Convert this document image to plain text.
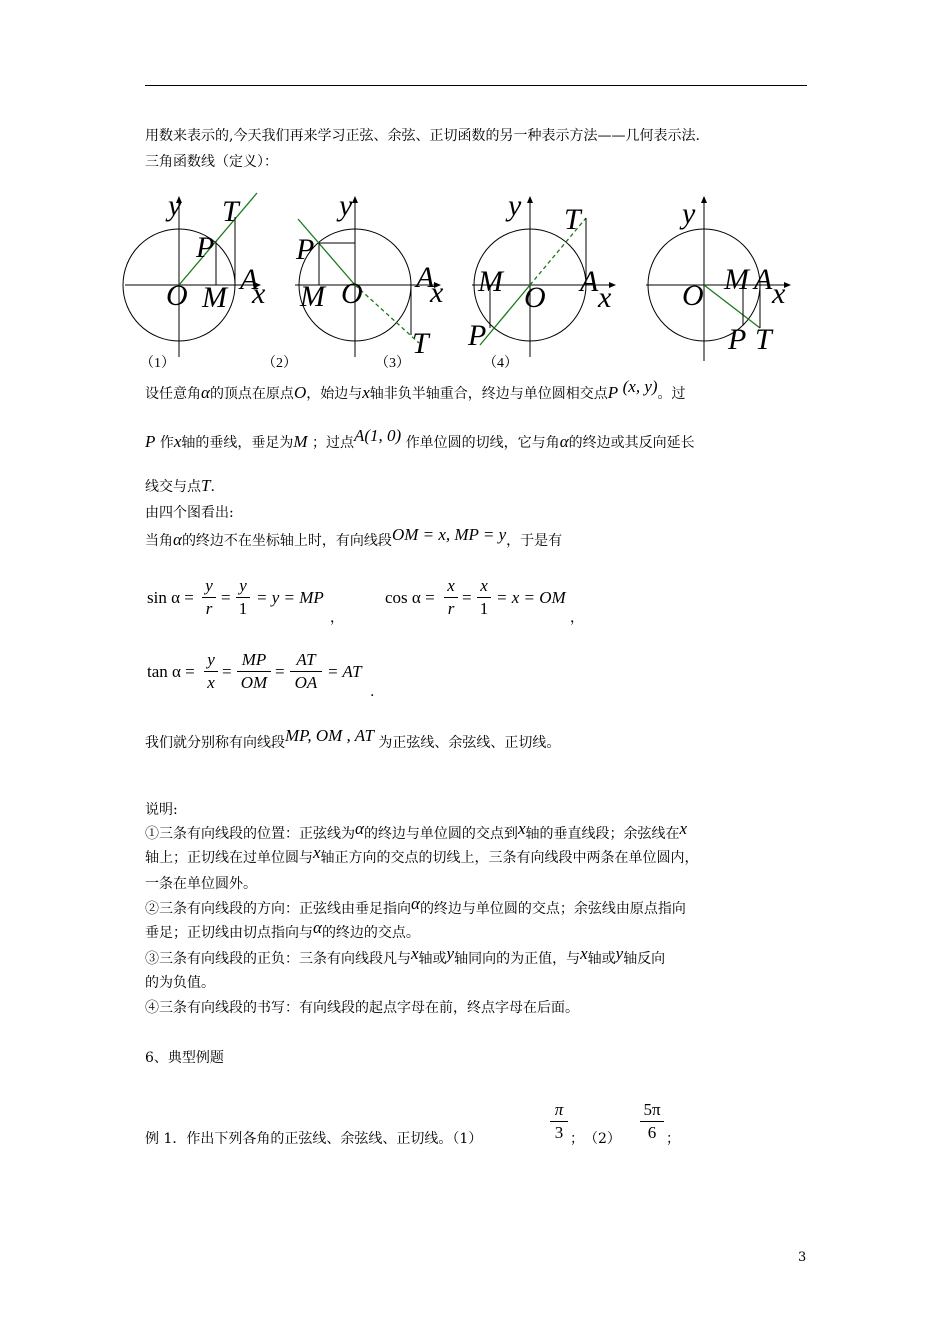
用数来表示的,今天我们再来学习正弦、余弦、正切函数的另一种表示方法——几何表示法.
三角函数线（定义）：
y T
P
A
O M x
（1）
y
P
A
M O x
T
（2）
y T
M	A
O x
P
（3）	（4）
y
O M A x
P T
设任意角α的顶点在原点O，始边与x轴非负半轴重合，终边与单位圆相交点P (x, y)。过
P 作x轴的垂线，垂足为M ；过点A(1, 0) 作单位圆的切线，它与角α的终边或其反向延长
线交与点T.
由四个图看出:
当角α的终边不在坐标轴上时，有向线段OM = x, MP = y，于是有
sin α =
y
r
=
y
1
= y = MP
，
cos α =
x
r
=
x
1
= x = OM
，
tan α =
y
x
=
MP
OM
=
AT
OA
= AT
.
我们就分别称有向线段MP, OM , AT 为正弦线、余弦线、正切线。
说明:
①三条有向线段的位置：正弦线为α的终边与单位圆的交点到x轴的垂直线段；余弦线在x
轴上；正切线在过单位圆与x轴正方向的交点的切线上，三条有向线段中两条在单位圆内，
一条在单位圆外。
②三条有向线段的方向：正弦线由垂足指向α的终边与单位圆的交点；余弦线由原点指向
垂足；正切线由切点指向与α的终边的交点。
③三条有向线段的正负：三条有向线段凡与x轴或y轴同向的为正值，与x轴或y轴反向
的为负值。
④三条有向线段的书写：有向线段的起点字母在前，终点字母在后面。
6、典型例题
例 1．作出下列各角的正弦线、余弦线、正切线。（1）
π
3 ；　（2）
5π
6 ；
3
